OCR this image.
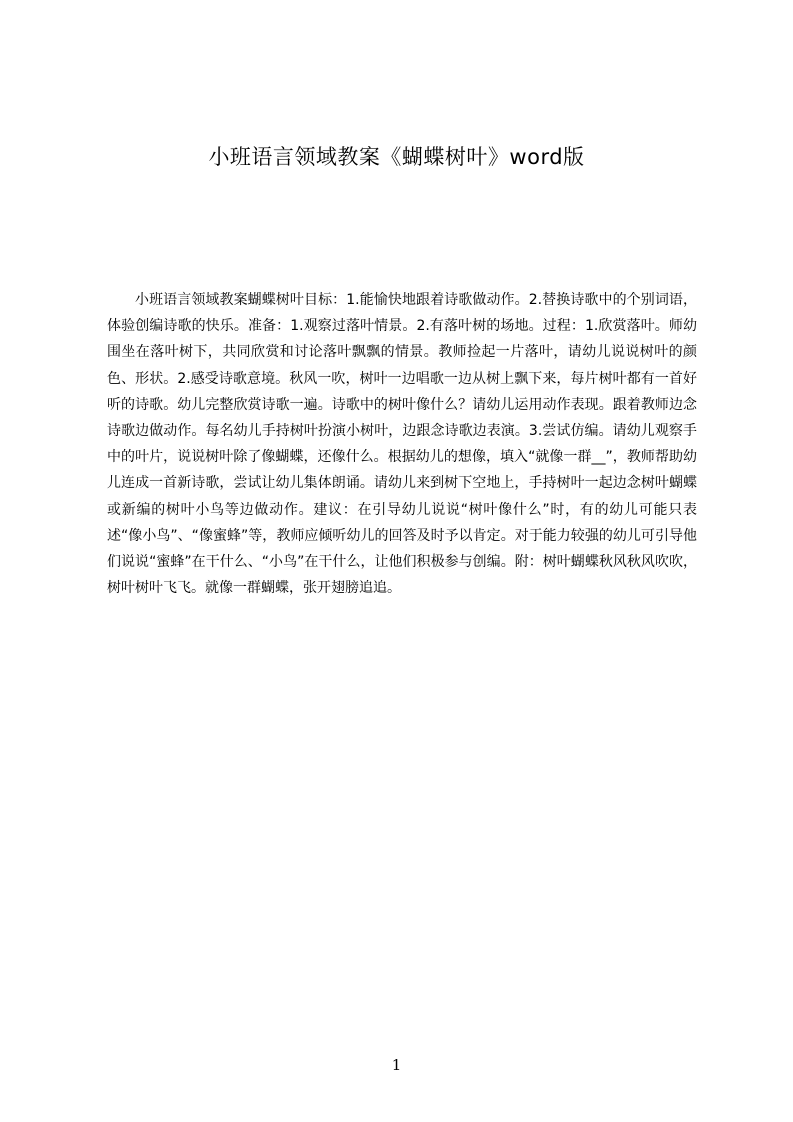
小班语言领域教案《蝴蝶树叶》word版

小班语言领域教案蝴蝶树叶目标：1.能愉快地跟着诗歌做动作。2.替换诗歌中的个别词语，体验创编诗歌的快乐。准备：1.观察过落叶情景。2.有落叶树的场地。过程：1.欣赏落叶。师幼围坐在落叶树下，共同欣赏和讨论落叶飘飘的情景。教师捡起一片落叶，请幼儿说说树叶的颜色、形状。2.感受诗歌意境。秋风一吹，树叶一边唱歌一边从树上飘下来，每片树叶都有一首好听的诗歌。幼儿完整欣赏诗歌一遍。诗歌中的树叶像什么？请幼儿运用动作表现。跟着教师边念诗歌边做动作。每名幼儿手持树叶扮演小树叶，边跟念诗歌边表演。3.尝试仿编。请幼儿观察手中的叶片，说说树叶除了像蝴蝶，还像什么。根据幼儿的想像，填入“就像一群__”，教师帮助幼儿连成一首新诗歌，尝试让幼儿集体朗诵。请幼儿来到树下空地上，手持树叶一起边念树叶蝴蝶或新编的树叶小鸟等边做动作。建议：在引导幼儿说说“树叶像什么”时，有的幼儿可能只表述“像小鸟”、“像蜜蜂”等，教师应倾听幼儿的回答及时予以肯定。对于能力较强的幼儿可引导他们说说“蜜蜂”在干什么、“小鸟”在干什么，让他们积极参与创编。附：树叶蝴蝶秋风秋风吹吹，树叶树叶飞飞。就像一群蝴蝶，张开翅膀追追。

1
